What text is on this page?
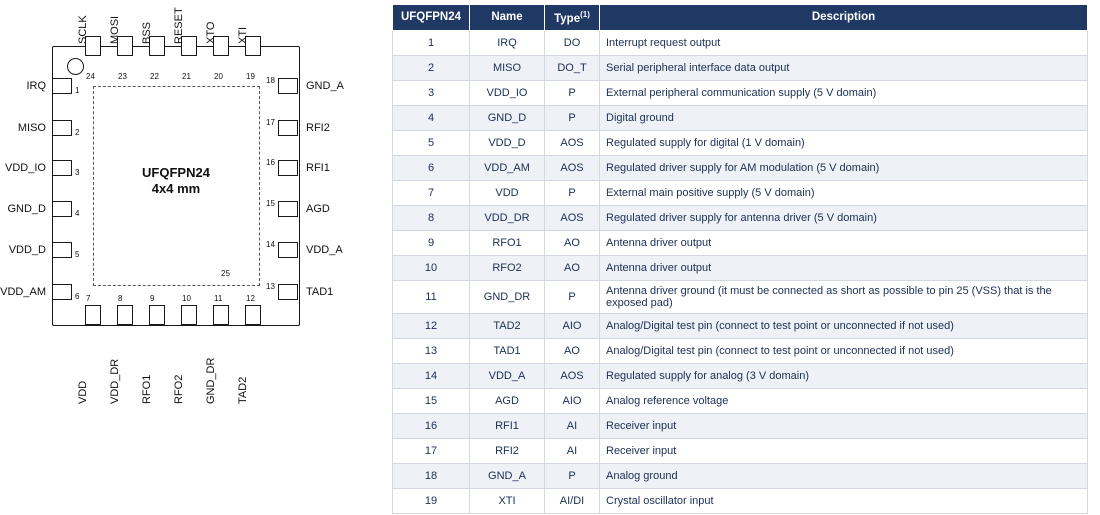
UFQFPN24
4x4 mm
25
24	23	22	21	20	19
SCLK MOSI BSS RESET XTO XTI
1
2
3
4
5
6
IRQ
MISO
VDD_IO
GND_D
VDD_D
VDD_AM
18
17
16
15
14
13
GND_A
RFI2
RFI1
AGD
VDD_A
TAD1
7	8	9	10	11	12
VDD VDD_DR RFO1 RFO2 GND_DR TAD2
UFQFPN24	Name	Type$^{(1)}$	Description
1	IRQ	DO	Interrupt request output
2	MISO	DO_T	Serial peripheral interface data output
3	VDD_IO	P	External peripheral communication supply (5 V domain)
4	GND_D	P	Digital ground
5	VDD_D	AOS	Regulated supply for digital (1 V domain)
6	VDD_AM	AOS	Regulated driver supply for AM modulation (5 V domain)
7	VDD	P	External main positive supply (5 V domain)
8	VDD_DR	AOS	Regulated driver supply for antenna driver (5 V domain)
9	RFO1	AO	Antenna driver output
10	RFO2	AO	Antenna driver output
11	GND_DR	P	Antenna driver ground (it must be connected as short as possible to pin 25 (VSS) that is the exposed pad)
12	TAD2	AIO	Analog/Digital test pin (connect to test point or unconnected if not used)
13	TAD1	AO	Analog/Digital test pin (connect to test point or unconnected if not used)
14	VDD_A	AOS	Regulated supply for analog (3 V domain)
15	AGD	AIO	Analog reference voltage
16	RFI1	AI	Receiver input
17	RFI2	AI	Receiver input
18	GND_A	P	Analog ground
19	XTI	AI/DI	Crystal oscillator input
